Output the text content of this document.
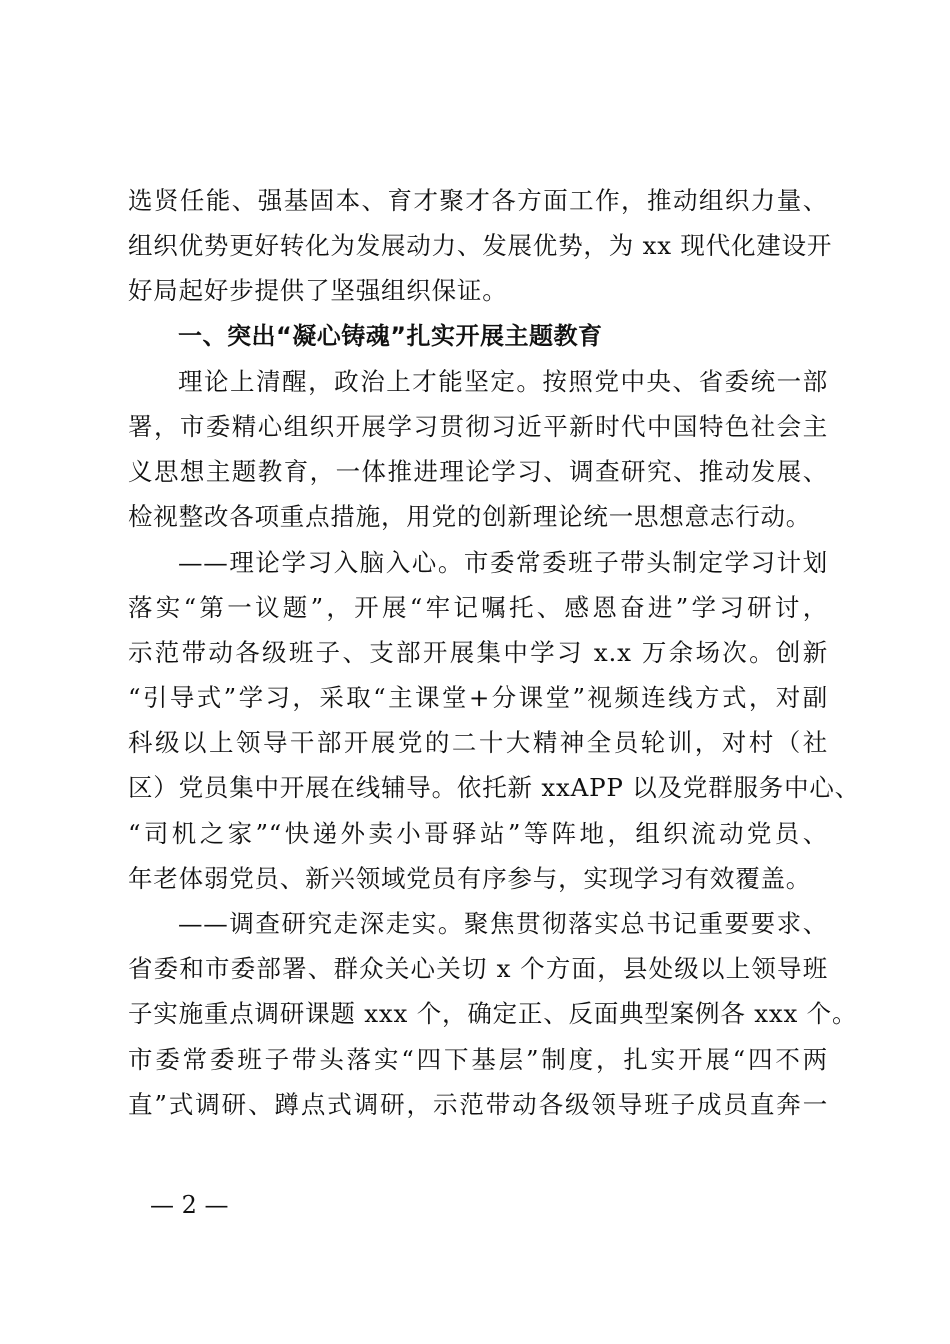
选贤任能、强基固本、育才聚才各方面工作，推动组织力量、
组织优势更好转化为发展动力、发展优势，为 xx 现代化建设开
好局起好步提供了坚强组织保证。
一、突出“凝心铸魂”扎实开展主题教育
理论上清醒，政治上才能坚定。按照党中央、省委统一部
署，市委精心组织开展学习贯彻习近平新时代中国特色社会主
义思想主题教育，一体推进理论学习、调查研究、推动发展、
检视整改各项重点措施，用党的创新理论统一思想意志行动。
——理论学习入脑入心。市委常委班子带头制定学习计划
落实“第一议题”，开展“牢记嘱托、感恩奋进”学习研讨，
示范带动各级班子、支部开展集中学习 x.x 万余场次。创新
“引导式”学习，采取“主课堂+分课堂”视频连线方式，对副
科级以上领导干部开展党的二十大精神全员轮训，对村（社
区）党员集中开展在线辅导。依托新 xxAPP 以及党群服务中心、
“司机之家”“快递外卖小哥驿站”等阵地，组织流动党员、
年老体弱党员、新兴领域党员有序参与，实现学习有效覆盖。
——调查研究走深走实。聚焦贯彻落实总书记重要要求、
省委和市委部署、群众关心关切 x 个方面，县处级以上领导班
子实施重点调研课题 xxx 个，确定正、反面典型案例各 xxx 个。
市委常委班子带头落实“四下基层”制度，扎实开展“四不两
直”式调研、蹲点式调研，示范带动各级领导班子成员直奔一
— 2 —
